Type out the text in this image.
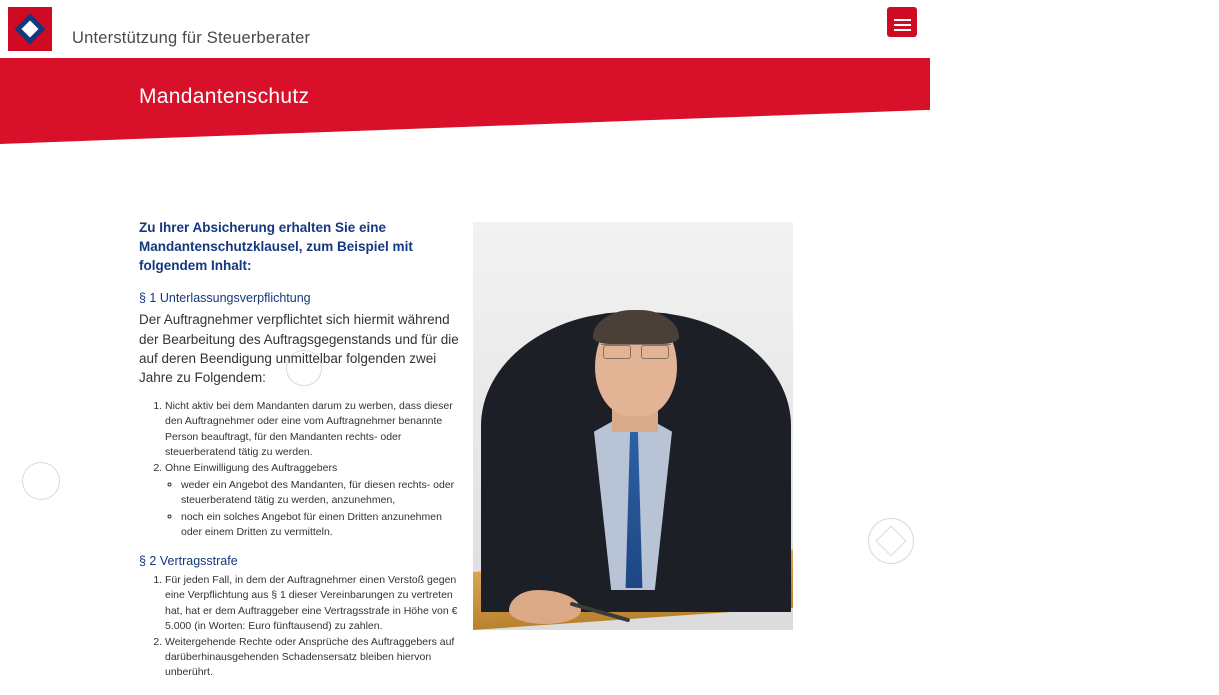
Unterstützung für Steuerberater
Mandantenschutz

Zu Ihrer Absicherung erhalten Sie eine Mandantenschutzklausel, zum Beispiel mit folgendem Inhalt:

§ 1 Unterlassungsverpflichtung

Der Auftragnehmer verpflichtet sich hiermit während der Bearbeitung des Auftragsgegenstands und für die auf deren Beendigung unmittelbar folgenden zwei Jahre zu Folgendem:

1. Nicht aktiv bei dem Mandanten darum zu werben, dass dieser den Auftragnehmer oder eine vom Auftragnehmer benannte Person beauftragt, für den Mandanten rechts- oder steuerberatend tätig zu werden.
2. Ohne Einwilligung des Auftraggebers
◦ weder ein Angebot des Mandanten, für diesen rechts- oder steuerberatend tätig zu werden, anzunehmen,
◦ noch ein solches Angebot für einen Dritten anzunehmen oder einem Dritten zu vermitteln.
§ 2 Vertragsstrafe
1. Für jeden Fall, in dem der Auftragnehmer einen Verstoß gegen eine Verpflichtung aus § 1 dieser Vereinbarungen zu vertreten hat, hat er dem Auftraggeber eine Vertragsstrafe in Höhe von € 5.000 (in Worten: Euro fünftausend) zu zahlen.
2. Weitergehende Rechte oder Ansprüche des Auftraggebers auf darüberhinausgehenden Schadensersatz bleiben hiervon unberührt.
